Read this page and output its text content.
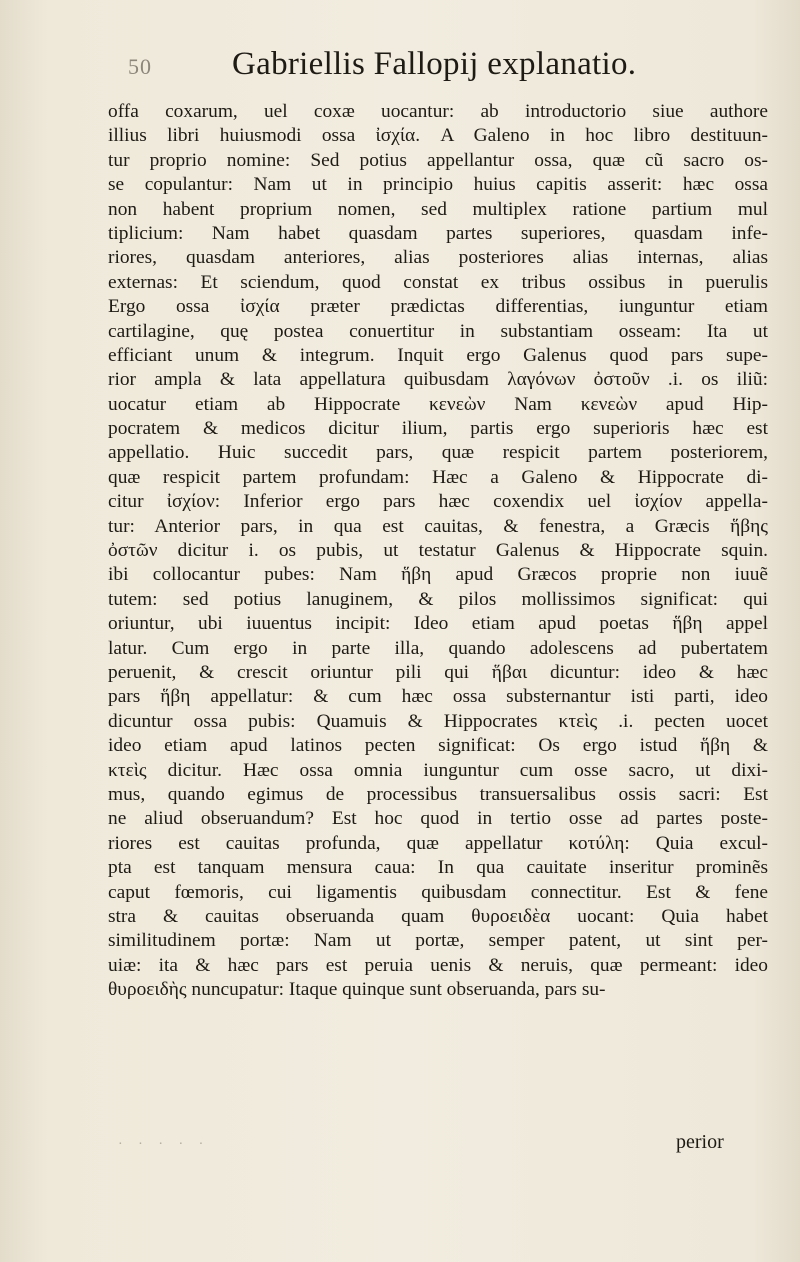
50 Gabriellis Fallopij explanatio.
offa coxarum, uel coxæ uocantur: ab introductorio siue authore
illius libri huiusmodi ossa ἰσχία. A Galeno in hoc libro destituun-
tur proprio nomine: Sed potius appellantur ossa, quæ cũ sacro os-
se copulantur: Nam ut in principio huius capitis asserit: hæc ossa
non habent proprium nomen, sed multiplex ratione partium mul
tiplicium: Nam habet quasdam partes superiores, quasdam infe-
riores, quasdam anteriores, alias posteriores alias internas, alias
externas: Et sciendum, quod constat ex tribus ossibus in puerulis
Ergo ossa ἰσχία præter prædictas differentias, iunguntur etiam
cartilagine, quę postea conuertitur in substantiam osseam: Ita ut
efficiant unum & integrum. Inquit ergo Galenus quod pars supe-
rior ampla & lata appellatura quibusdam λαγόνων ὀστοῦν .i. os iliũ:
uocatur etiam ab Hippocrate κενεὼν Nam κενεὼν apud Hip-
pocratem & medicos dicitur ilium, partis ergo superioris hæc est
appellatio. Huic succedit pars, quæ respicit partem posteriorem,
quæ respicit partem profundam: Hæc a Galeno & Hippocrate di-
citur ἰσχίον: Inferior ergo pars hæc coxendix uel ἰσχίον appella-
tur: Anterior pars, in qua est cauitas, & fenestra, a Græcis ἥβης
ὀστῶν dicitur i. os pubis, ut testatur Galenus & Hippocrate squin.
ibi collocantur pubes: Nam ἥβη apud Græcos proprie non iuuẽ
tutem: sed potius lanuginem, & pilos mollissimos significat: qui
oriuntur, ubi iuuentus incipit: Ideo etiam apud poetas ἥβη appel
latur. Cum ergo in parte illa, quando adolescens ad pubertatem
peruenit, & crescit oriuntur pili qui ἥβαι dicuntur: ideo & hæc
pars ἥβη appellatur: & cum hæc ossa substernantur isti parti, ideo
dicuntur ossa pubis: Quamuis & Hippocrates κτεὶς .i. pecten uocet
ideo etiam apud latinos pecten significat: Os ergo istud ἥβη &
κτεὶς dicitur. Hæc ossa omnia iunguntur cum osse sacro, ut dixi-
mus, quando egimus de processibus transuersalibus ossis sacri: Est
ne aliud obseruandum? Est hoc quod in tertio osse ad partes poste-
riores est cauitas profunda, quæ appellatur κοτύλη: Quia excul-
pta est tanquam mensura caua: In qua cauitate inseritur prominẽs
caput fœmoris, cui ligamentis quibusdam connectitur. Est & fene
stra & cauitas obseruanda quam θυροειδὲα uocant: Quia habet
similitudinem portæ: Nam ut portæ, semper patent, ut sint per-
uiæ: ita & hæc pars est peruia uenis & neruis, quæ permeant: ideo
θυροειδὴς nuncupatur: Itaque quinque sunt obseruanda, pars su-
· · · · ·	perior
